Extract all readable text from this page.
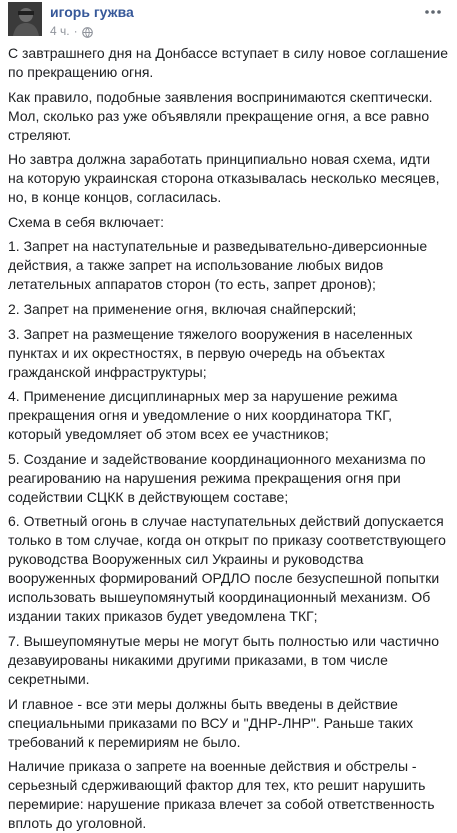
игорь гужва
4 ч. ·

С завтрашнего дня на Донбассе вступает в силу новое соглашение по прекращению огня.

Как правило, подобные заявления воспринимаются скептически. Мол, сколько раз уже объявляли прекращение огня, а все равно стреляют.

Но завтра должна заработать принципиально новая схема, идти на которую украинская сторона отказывалась несколько месяцев, но, в конце концов, согласилась.

Схема в себя включает:

1. Запрет на наступательные и разведывательно-диверсионные действия, а также запрет на использование любых видов летательных аппаратов сторон (то есть, запрет дронов);

2. Запрет на применение огня, включая снайперский;

3. Запрет на размещение тяжелого вооружения в населенных пунктах и их окрестностях, в первую очередь на объектах гражданской инфраструктуры;

4. Применение дисциплинарных мер за нарушение режима прекращения огня и уведомление о них координатора ТКГ, который уведомляет об этом всех ее участников;

5. Создание и задействование координационного механизма по реагированию на нарушения режима прекращения огня при содействии СЦКК в действующем составе;

6. Ответный огонь в случае наступательных действий допускается только в том случае, когда он открыт по приказу соответствующего руководства Вооруженных сил Украины и руководства вооруженных формирований ОРДЛО после безуспешной попытки использовать вышеупомянутый координационный механизм. Об издании таких приказов будет уведомлена ТКГ;

7. Вышеупомянутые меры не могут быть полностью или частично дезавуированы никакими другими приказами, в том числе секретными.

И главное - все эти меры должны быть введены в действие специальными приказами по ВСУ и "ДНР-ЛНР". Раньше таких требований к перемириям не было.

Наличие приказа о запрете на военные действия и обстрелы - серьезный сдерживающий фактор для тех, кто решит нарушить перемирие: нарушение приказа влечет за собой ответственность вплоть до уголовной.
